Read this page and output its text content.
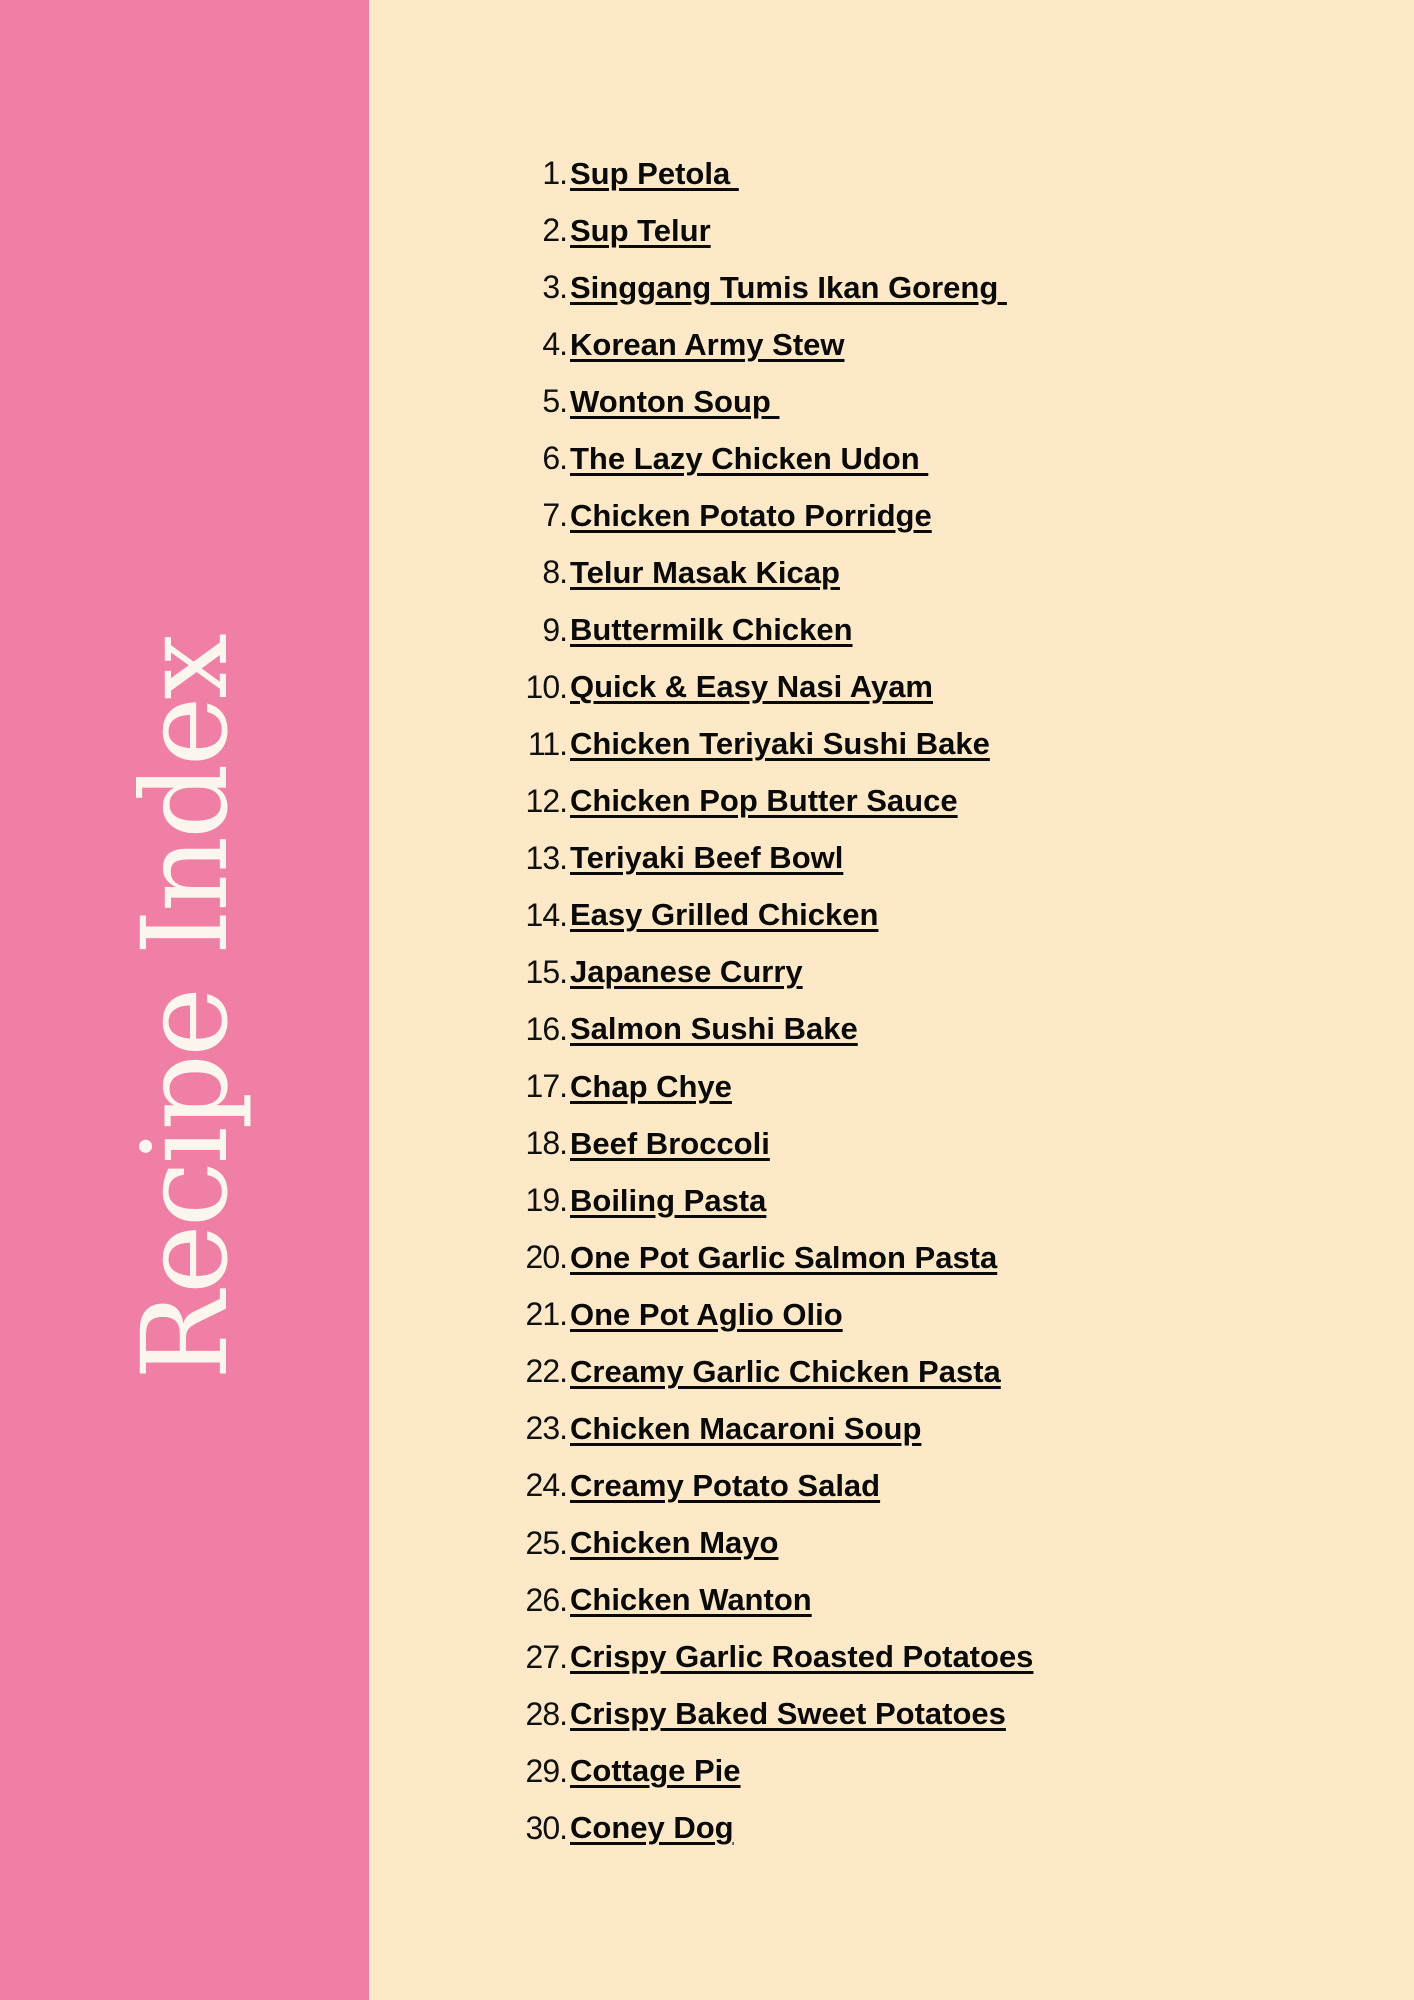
Recipe Index
1. Sup Petola
2. Sup Telur
3. Singgang Tumis Ikan Goreng
4. Korean Army Stew
5. Wonton Soup
6. The Lazy Chicken Udon
7. Chicken Potato Porridge
8. Telur Masak Kicap
9. Buttermilk Chicken
10. Quick & Easy Nasi Ayam
11. Chicken Teriyaki Sushi Bake
12. Chicken Pop Butter Sauce
13. Teriyaki Beef Bowl
14. Easy Grilled Chicken
15. Japanese Curry
16. Salmon Sushi Bake
17. Chap Chye
18. Beef Broccoli
19. Boiling Pasta
20. One Pot Garlic Salmon Pasta
21. One Pot Aglio Olio
22. Creamy Garlic Chicken Pasta
23. Chicken Macaroni Soup
24. Creamy Potato Salad
25. Chicken Mayo
26. Chicken Wanton
27. Crispy Garlic Roasted Potatoes
28. Crispy Baked Sweet Potatoes
29. Cottage Pie
30. Coney Dog
